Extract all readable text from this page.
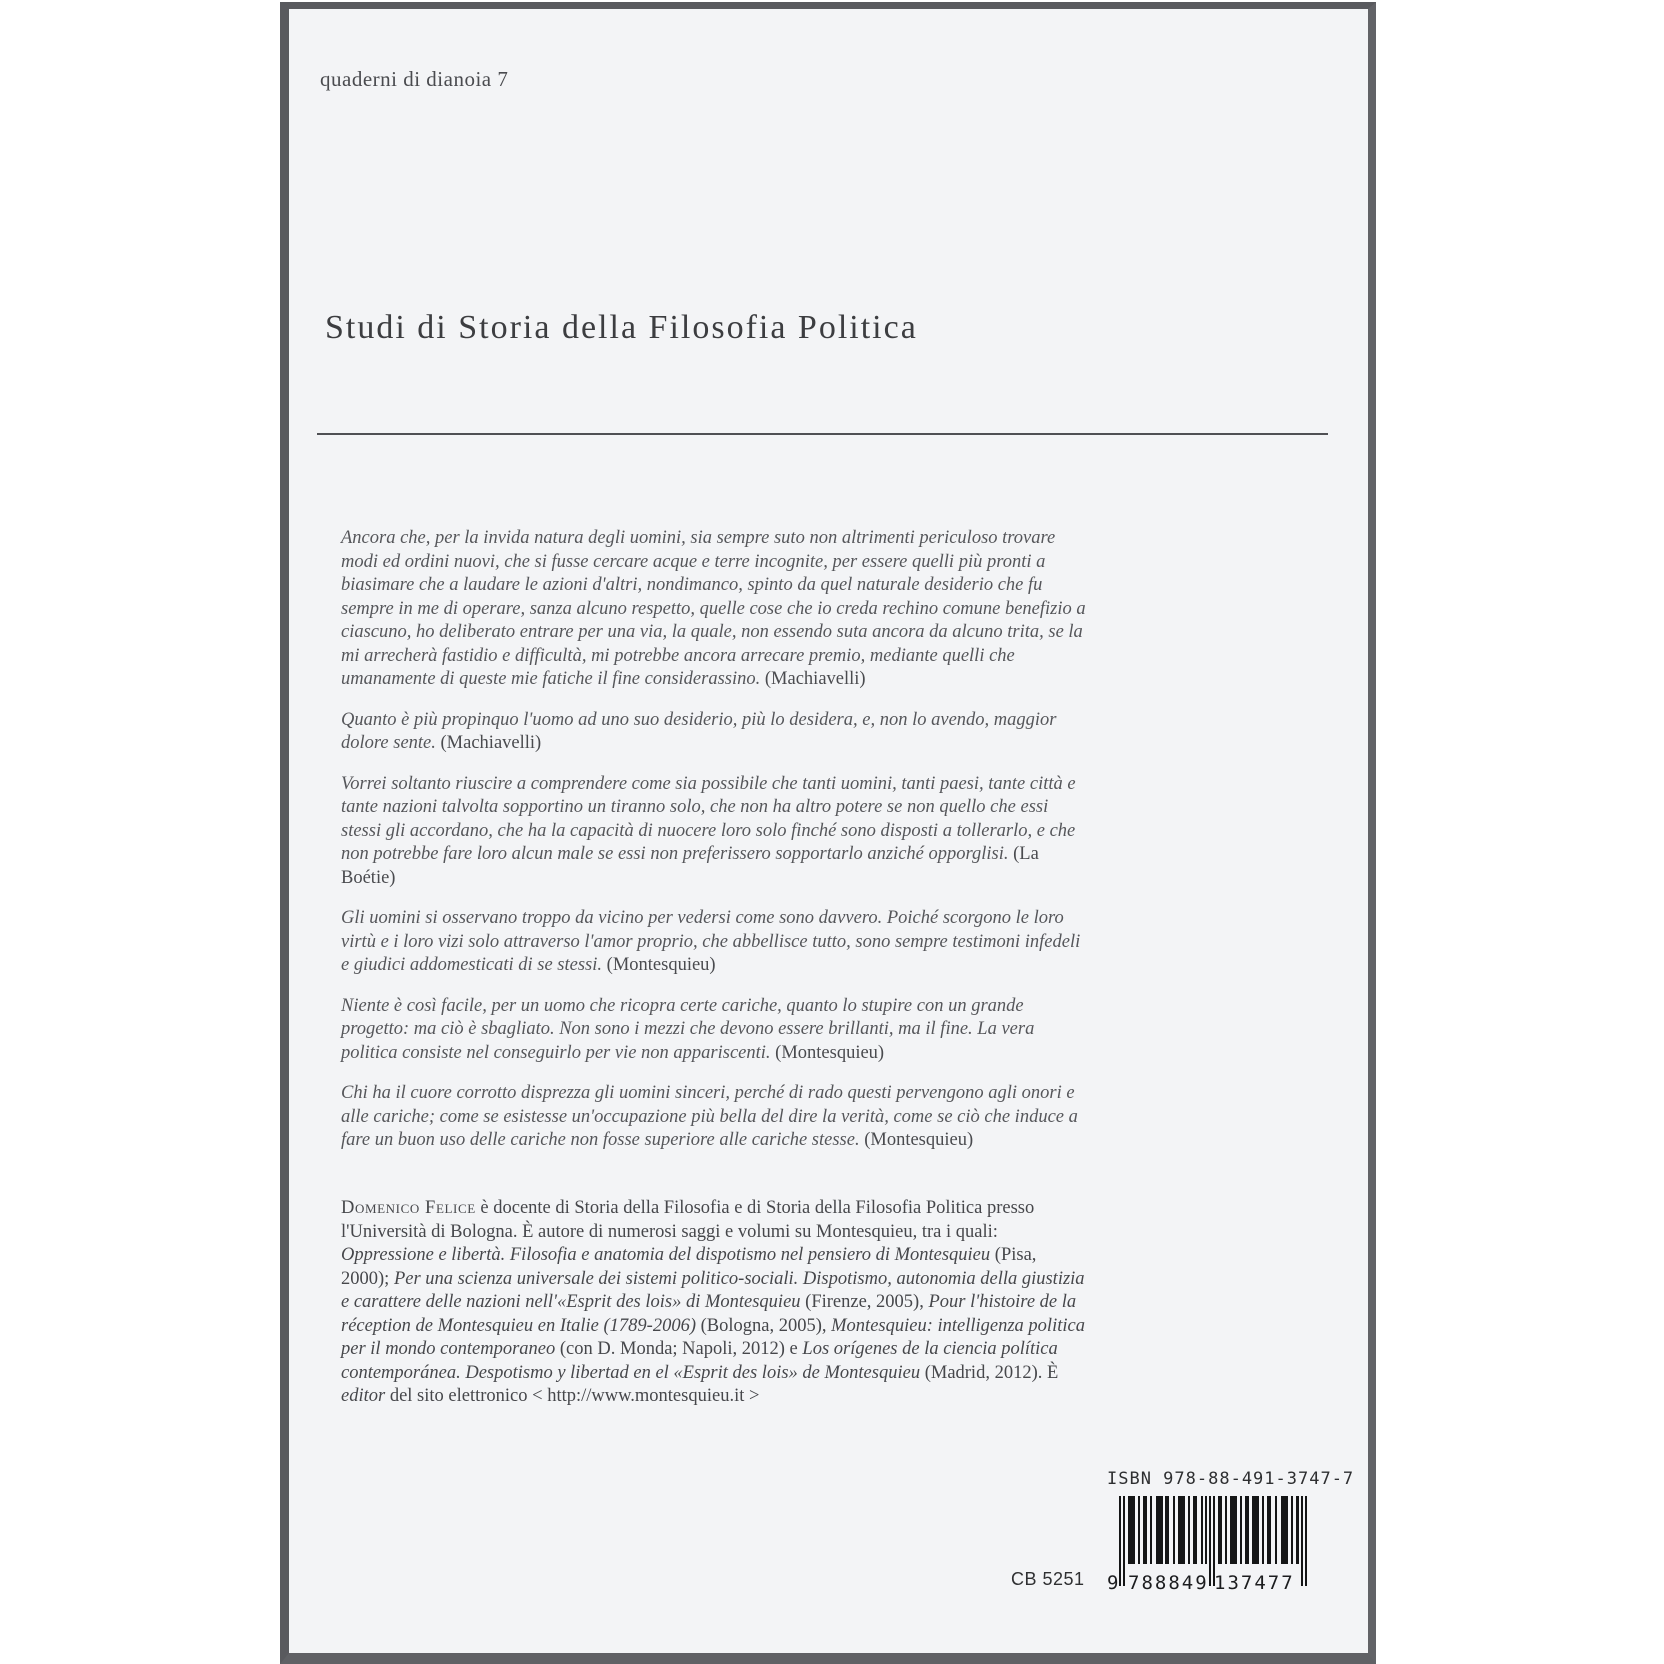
quaderni di dianoia 7
Studi di Storia della Filosofia Politica

Ancora che, per la invida natura degli uomini, sia sempre suto non altrimenti periculoso trovare modi ed ordini nuovi, che si fusse cercare acque e terre incognite, per essere quelli più pronti a biasimare che a laudare le azioni d'altri, nondimanco, spinto da quel naturale desiderio che fu sempre in me di operare, sanza alcuno respetto, quelle cose che io creda rechino comune benefizio a ciascuno, ho deliberato entrare per una via, la quale, non essendo suta ancora da alcuno trita, se la mi arrecherà fastidio e difficultà, mi potrebbe ancora arrecare premio, mediante quelli che umanamente di queste mie fatiche il fine considerassino. (Machiavelli)

Quanto è più propinquo l'uomo ad uno suo desiderio, più lo desidera, e, non lo avendo, maggior dolore sente. (Machiavelli)

Vorrei soltanto riuscire a comprendere come sia possibile che tanti uomini, tanti paesi, tante città e tante nazioni talvolta sopportino un tiranno solo, che non ha altro potere se non quello che essi stessi gli accordano, che ha la capacità di nuocere loro solo finché sono disposti a tollerarlo, e che non potrebbe fare loro alcun male se essi non preferissero sopportarlo anziché opporglisi. (La Boétie)

Gli uomini si osservano troppo da vicino per vedersi come sono davvero. Poiché scorgono le loro virtù e i loro vizi solo attraverso l'amor proprio, che abbellisce tutto, sono sempre testimoni infedeli e giudici addomesticati di se stessi. (Montesquieu)

Niente è così facile, per un uomo che ricopra certe cariche, quanto lo stupire con un grande progetto: ma ciò è sbagliato. Non sono i mezzi che devono essere brillanti, ma il fine. La vera politica consiste nel conseguirlo per vie non appariscenti. (Montesquieu)

Chi ha il cuore corrotto disprezza gli uomini sinceri, perché di rado questi pervengono agli onori e alle cariche; come se esistesse un'occupazione più bella del dire la verità, come se ciò che induce a fare un buon uso delle cariche non fosse superiore alle cariche stesse. (Montesquieu)

Domenico Felice è docente di Storia della Filosofia e di Storia della Filosofia Politica presso l'Università di Bologna. È autore di numerosi saggi e volumi su Montesquieu, tra i quali: Oppressione e libertà. Filosofia e anatomia del dispotismo nel pensiero di Montesquieu (Pisa, 2000); Per una scienza universale dei sistemi politico-sociali. Dispotismo, autonomia della giustizia e carattere delle nazioni nell'«Esprit des lois» di Montesquieu (Firenze, 2005), Pour l'histoire de la réception de Montesquieu en Italie (1789-2006) (Bologna, 2005), Montesquieu: intelligenza politica per il mondo contemporaneo (con D. Monda; Napoli, 2012) e Los orígenes de la ciencia política contemporánea. Despotismo y libertad en el «Esprit des lois» de Montesquieu (Madrid, 2012). È editor del sito elettronico < http://www.montesquieu.it >
ISBN 978-88-491-3747-7
9 788849 137477
CB 5251
